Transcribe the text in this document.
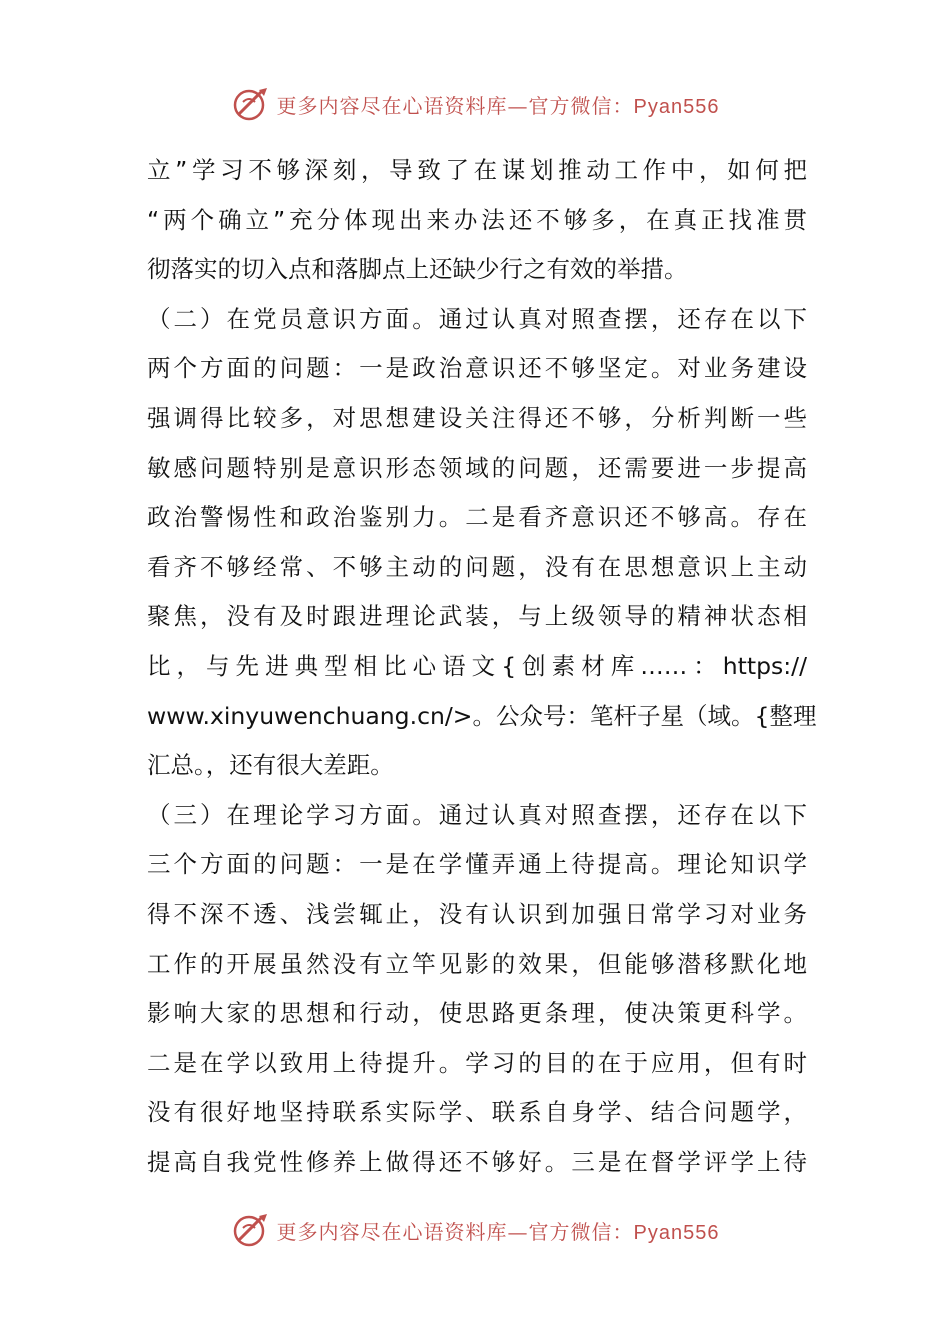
更多内容尽在心语资料库—官方微信：Pyan556
立”学习不够深刻，导致了在谋划推动工作中，如何把
“两个确立”充分体现出来办法还不够多，在真正找准贯
彻落实的切入点和落脚点上还缺少行之有效的举措。
（二）在党员意识方面。通过认真对照查摆，还存在以下
两个方面的问题：一是政治意识还不够坚定。对业务建设
强调得比较多，对思想建设关注得还不够，分析判断一些
敏感问题特别是意识形态领域的问题，还需要进一步提高
政治警惕性和政治鉴别力。二是看齐意识还不够高。存在
看齐不够经常、不够主动的问题，没有在思想意识上主动
聚焦，没有及时跟进理论武装，与上级领导的精神状态相
比，与先进典型相比心语文{创素材库……：https://
www.xinyuwenchuang.cn/>。公众号：笔杆子星（域。{整理
汇总。，还有很大差距。
（三）在理论学习方面。通过认真对照查摆，还存在以下
三个方面的问题：一是在学懂弄通上待提高。理论知识学
得不深不透、浅尝辄止，没有认识到加强日常学习对业务
工作的开展虽然没有立竿见影的效果，但能够潜移默化地
影响大家的思想和行动，使思路更条理，使决策更科学。
二是在学以致用上待提升。学习的目的在于应用，但有时
没有很好地坚持联系实际学、联系自身学、结合问题学，
提高自我党性修养上做得还不够好。三是在督学评学上待
更多内容尽在心语资料库—官方微信：Pyan556
